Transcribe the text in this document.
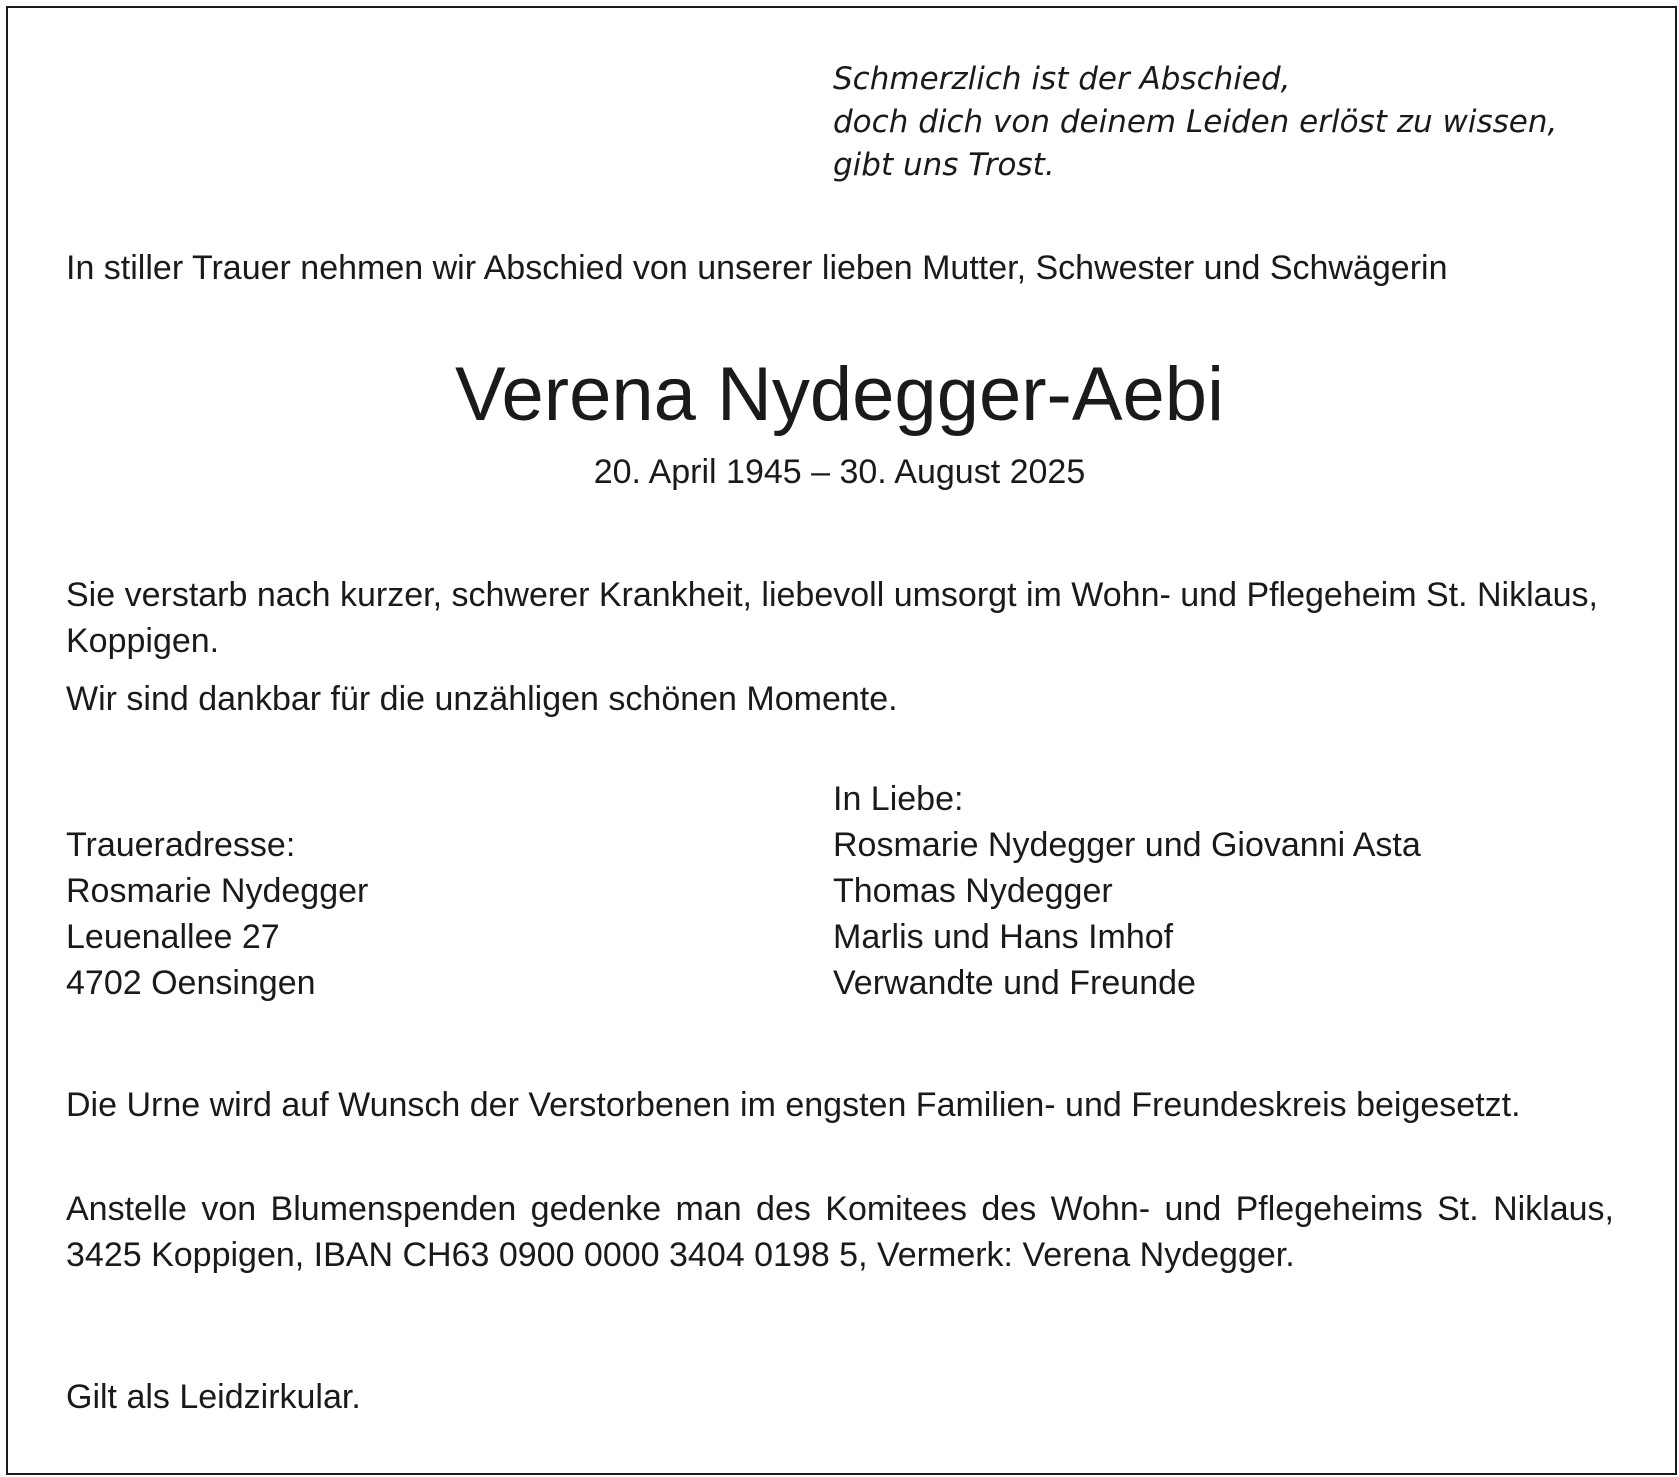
Schmerzlich ist der Abschied,
doch dich von deinem Leiden erlöst zu wissen,
gibt uns Trost.
In stiller Trauer nehmen wir Abschied von unserer lieben Mutter, Schwester und Schwägerin
Verena Nydegger-Aebi
20. April 1945 – 30. August 2025
Sie verstarb nach kurzer, schwerer Krankheit, liebevoll umsorgt im Wohn- und Pflegeheim St. Niklaus, Koppigen.
Wir sind dankbar für die unzähligen schönen Momente.
Traueradresse:
Rosmarie Nydegger
Leuenallee 27
4702 Oensingen
In Liebe:
Rosmarie Nydegger und Giovanni Asta
Thomas Nydegger
Marlis und Hans Imhof
Verwandte und Freunde
Die Urne wird auf Wunsch der Verstorbenen im engsten Familien- und Freundeskreis beigesetzt.
Anstelle von Blumenspenden gedenke man des Komitees des Wohn- und Pflegeheims St. Niklaus, 3425 Koppigen, IBAN CH63 0900 0000 3404 0198 5, Vermerk: Verena Nydegger.
Gilt als Leidzirkular.
